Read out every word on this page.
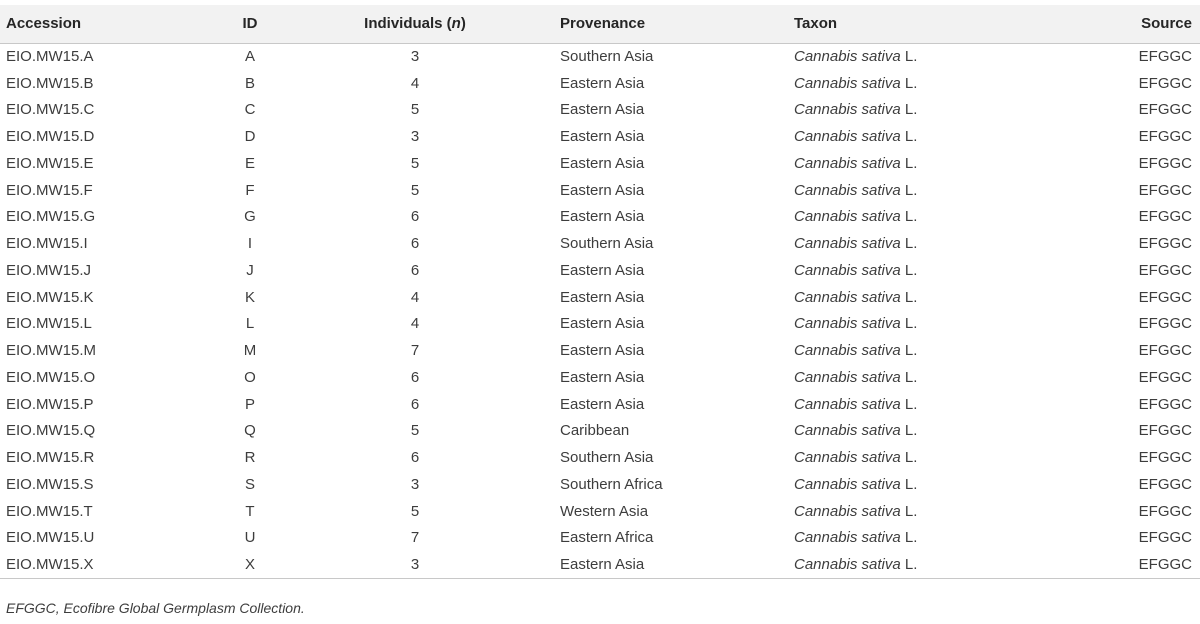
Accession	ID	Individuals (n)	Provenance	Taxon	Source
EIO.MW15.A	A	3	Southern Asia	Cannabis sativa L.	EFGGC
EIO.MW15.B	B	4	Eastern Asia	Cannabis sativa L.	EFGGC
EIO.MW15.C	C	5	Eastern Asia	Cannabis sativa L.	EFGGC
EIO.MW15.D	D	3	Eastern Asia	Cannabis sativa L.	EFGGC
EIO.MW15.E	E	5	Eastern Asia	Cannabis sativa L.	EFGGC
EIO.MW15.F	F	5	Eastern Asia	Cannabis sativa L.	EFGGC
EIO.MW15.G	G	6	Eastern Asia	Cannabis sativa L.	EFGGC
EIO.MW15.I	I	6	Southern Asia	Cannabis sativa L.	EFGGC
EIO.MW15.J	J	6	Eastern Asia	Cannabis sativa L.	EFGGC
EIO.MW15.K	K	4	Eastern Asia	Cannabis sativa L.	EFGGC
EIO.MW15.L	L	4	Eastern Asia	Cannabis sativa L.	EFGGC
EIO.MW15.M	M	7	Eastern Asia	Cannabis sativa L.	EFGGC
EIO.MW15.O	O	6	Eastern Asia	Cannabis sativa L.	EFGGC
EIO.MW15.P	P	6	Eastern Asia	Cannabis sativa L.	EFGGC
EIO.MW15.Q	Q	5	Caribbean	Cannabis sativa L.	EFGGC
EIO.MW15.R	R	6	Southern Asia	Cannabis sativa L.	EFGGC
EIO.MW15.S	S	3	Southern Africa	Cannabis sativa L.	EFGGC
EIO.MW15.T	T	5	Western Asia	Cannabis sativa L.	EFGGC
EIO.MW15.U	U	7	Eastern Africa	Cannabis sativa L.	EFGGC
EIO.MW15.X	X	3	Eastern Asia	Cannabis sativa L.	EFGGC
EFGGC, Ecofibre Global Germplasm Collection.
